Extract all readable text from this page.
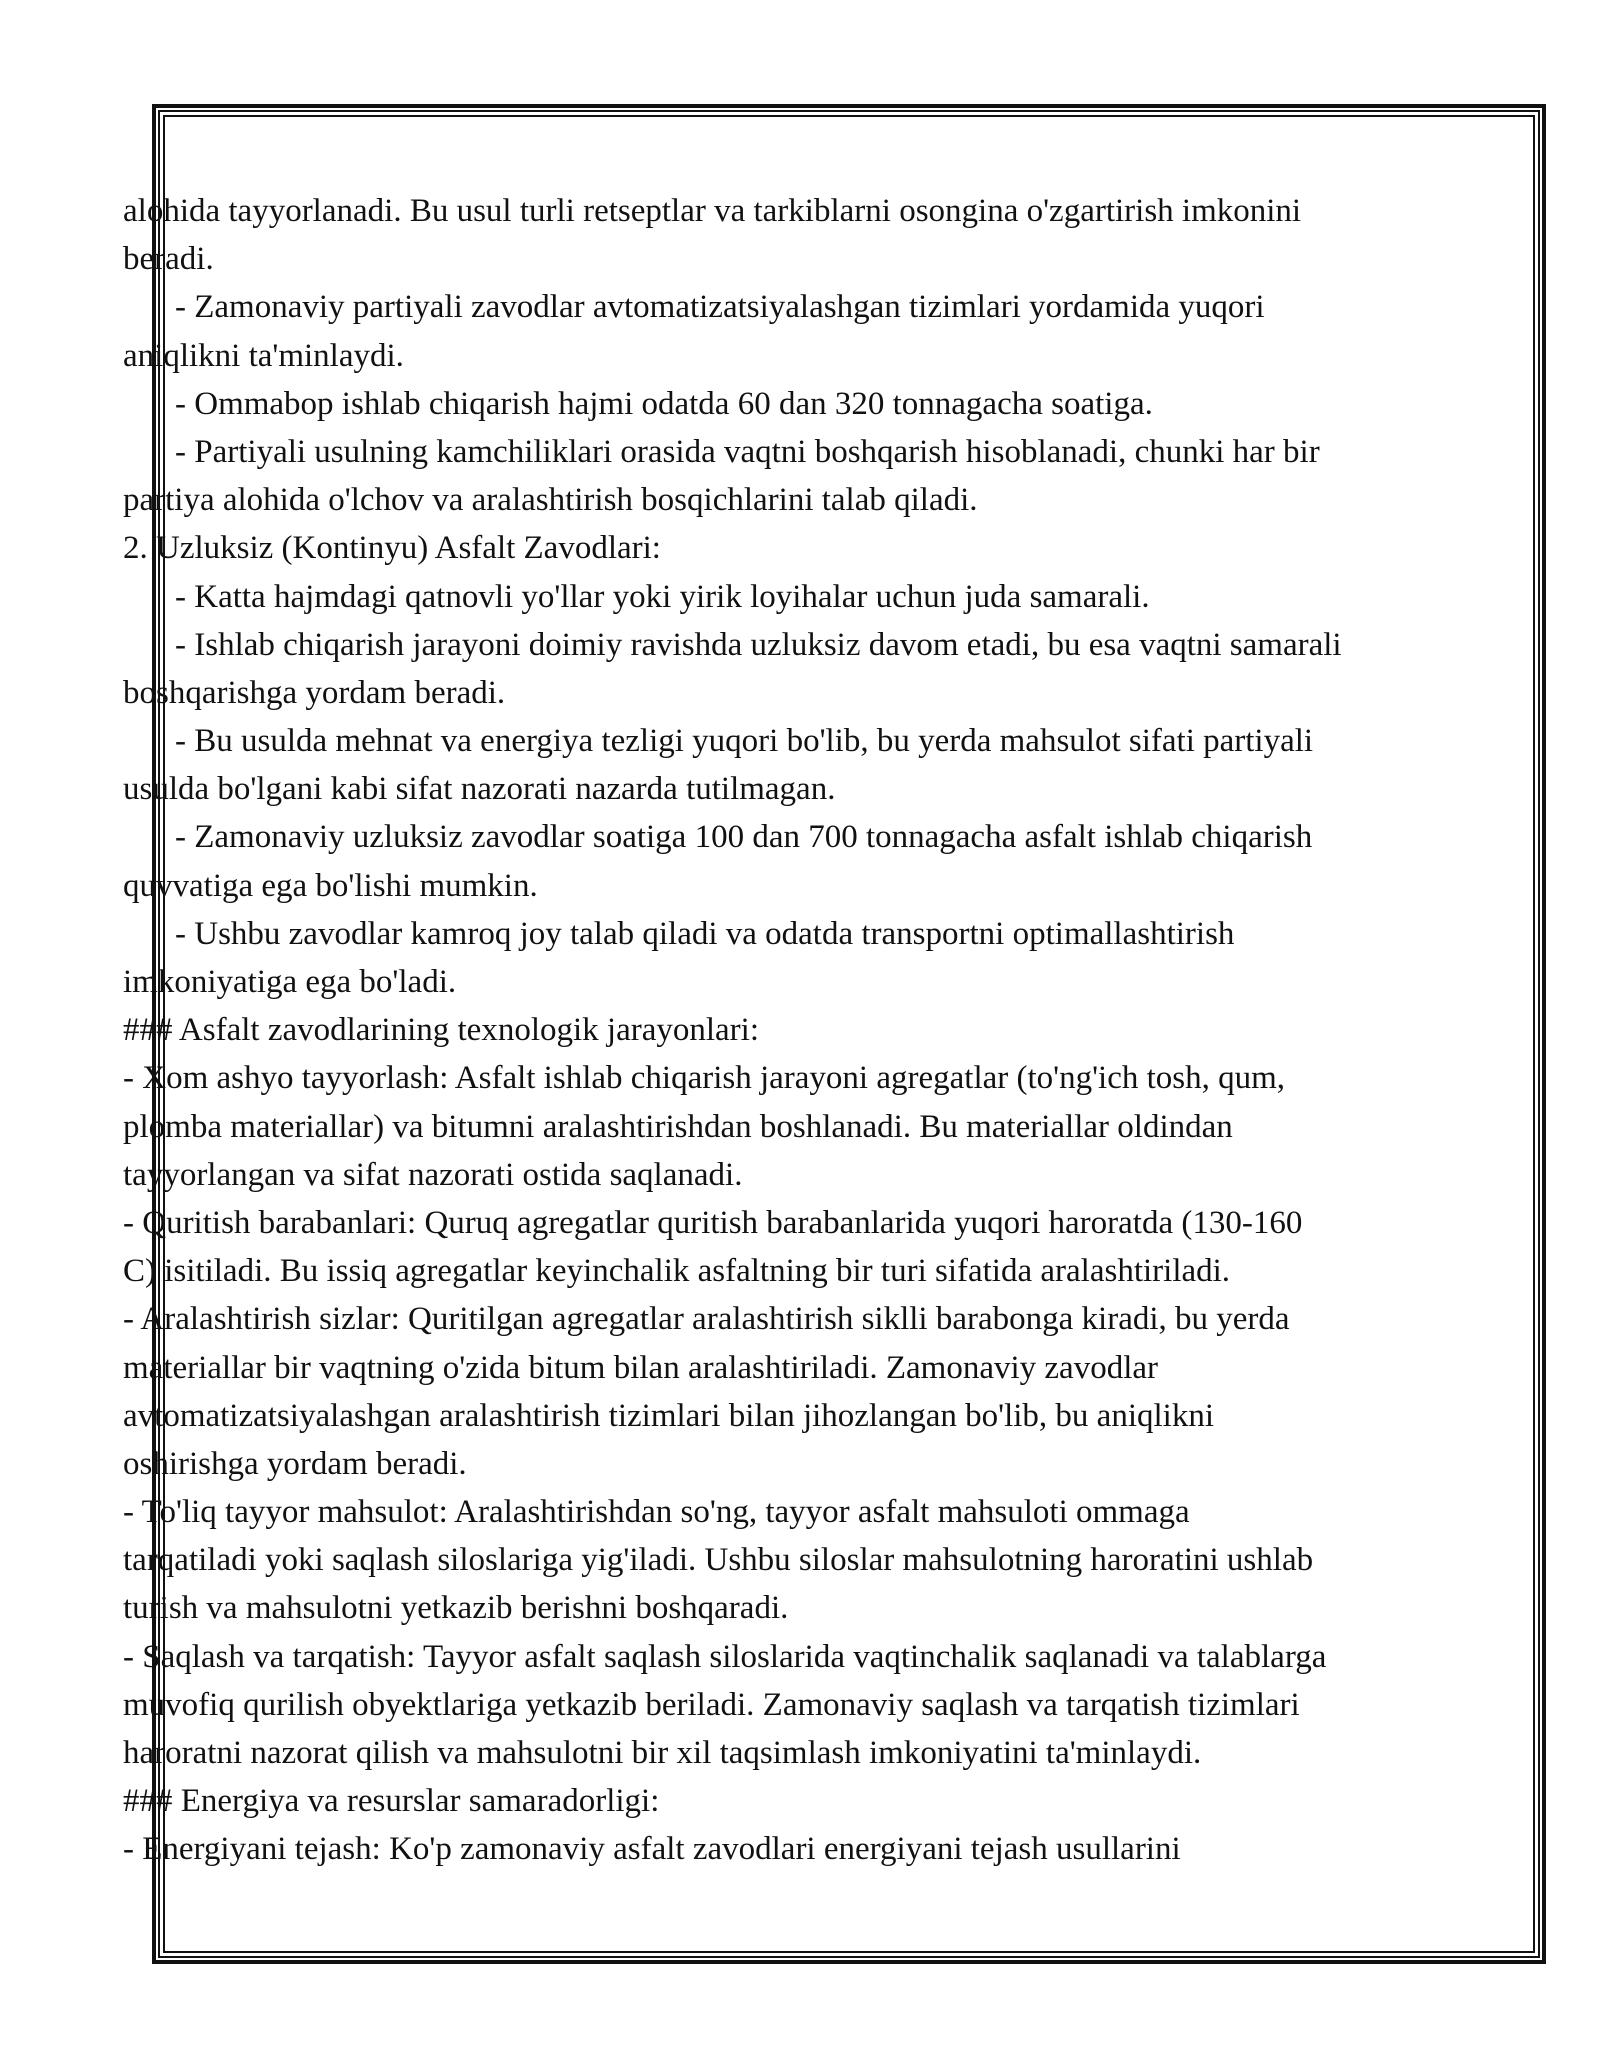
alohida tayyorlanadi. Bu usul turli retseptlar va tarkiblarni osongina o'zgartirish imkonini
beradi.
- Zamonaviy partiyali zavodlar avtomatizatsiyalashgan tizimlari yordamida yuqori
aniqlikni ta'minlaydi.
- Ommabop ishlab chiqarish hajmi odatda 60 dan 320 tonnagacha soatiga.
- Partiyali usulning kamchiliklari orasida vaqtni boshqarish hisoblanadi, chunki har bir
partiya alohida o'lchov va aralashtirish bosqichlarini talab qiladi.
2. Uzluksiz (Kontinyu) Asfalt Zavodlari:
- Katta hajmdagi qatnovli yo'llar yoki yirik loyihalar uchun juda samarali.
- Ishlab chiqarish jarayoni doimiy ravishda uzluksiz davom etadi, bu esa vaqtni samarali
boshqarishga yordam beradi.
- Bu usulda mehnat va energiya tezligi yuqori bo'lib, bu yerda mahsulot sifati partiyali
usulda bo'lgani kabi sifat nazorati nazarda tutilmagan.
- Zamonaviy uzluksiz zavodlar soatiga 100 dan 700 tonnagacha asfalt ishlab chiqarish
quvvatiga ega bo'lishi mumkin.
- Ushbu zavodlar kamroq joy talab qiladi va odatda transportni optimallashtirish
imkoniyatiga ega bo'ladi.
### Asfalt zavodlarining texnologik jarayonlari:
- Xom ashyo tayyorlash: Asfalt ishlab chiqarish jarayoni agregatlar (to'ng'ich tosh, qum,
plomba materiallar) va bitumni aralashtirishdan boshlanadi. Bu materiallar oldindan
tayyorlangan va sifat nazorati ostida saqlanadi.
- Quritish barabanlari: Quruq agregatlar quritish barabanlarida yuqori haroratda (130-160
C) isitiladi. Bu issiq agregatlar keyinchalik asfaltning bir turi sifatida aralashtiriladi.
- Aralashtirish sizlar: Quritilgan agregatlar aralashtirish siklli barabonga kiradi, bu yerda
materiallar bir vaqtning o'zida bitum bilan aralashtiriladi. Zamonaviy zavodlar
avtomatizatsiyalashgan aralashtirish tizimlari bilan jihozlangan bo'lib, bu aniqlikni
oshirishga yordam beradi.
- To'liq tayyor mahsulot: Aralashtirishdan so'ng, tayyor asfalt mahsuloti ommaga
tarqatiladi yoki saqlash siloslariga yig'iladi. Ushbu siloslar mahsulotning haroratini ushlab
turish va mahsulotni yetkazib berishni boshqaradi.
- Saqlash va tarqatish: Tayyor asfalt saqlash siloslarida vaqtinchalik saqlanadi va talablarga
muvofiq qurilish obyektlariga yetkazib beriladi. Zamonaviy saqlash va tarqatish tizimlari
haroratni nazorat qilish va mahsulotni bir xil taqsimlash imkoniyatini ta'minlaydi.
### Energiya va resurslar samaradorligi:
- Energiyani tejash: Ko'p zamonaviy asfalt zavodlari energiyani tejash usullarini
